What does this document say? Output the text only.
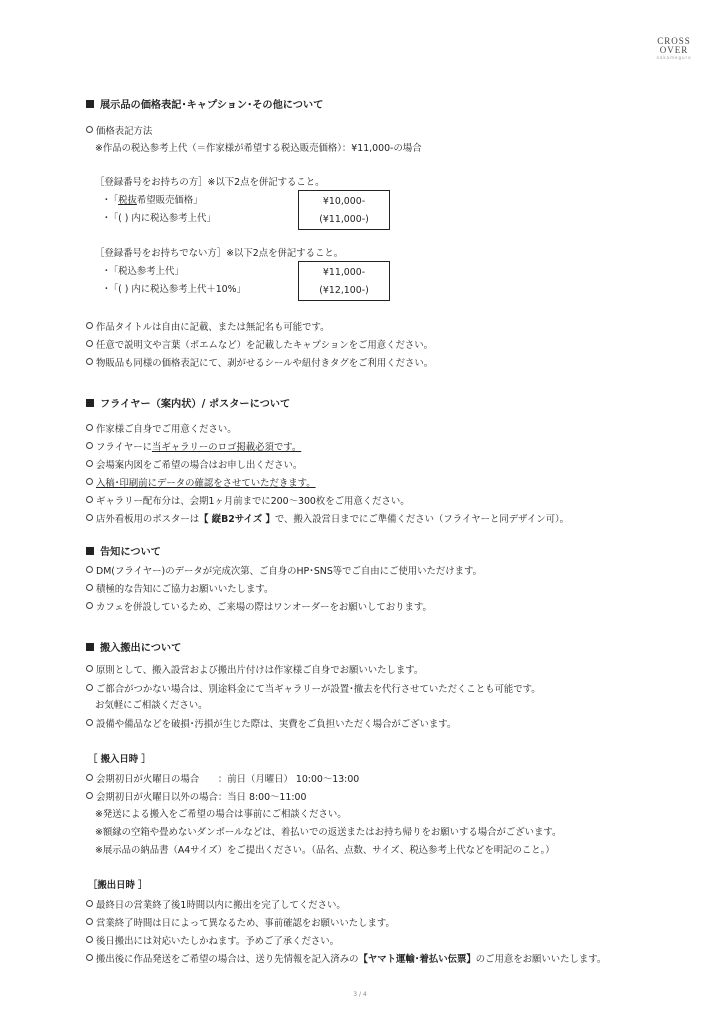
CROSS OVER
nakameguro
展示品の価格表記･キャプション･その他について
価格表記方法
※作品の税込参考上代（＝作家様が希望する税込販売価格）：¥11,000-の場合
［登録番号をお持ちの方］※以下2点を併記すること。
･「税抜希望販売価格」
･「( ) 内に税込参考上代」
¥10,000-
(¥11,000-)
［登録番号をお持ちでない方］※以下2点を併記すること。
･「税込参考上代」
･「( ) 内に税込参考上代＋10%」
¥11,000-
(¥12,100-)
作品タイトルは自由に記載、または無記名も可能です。
任意で説明文や言葉（ポエムなど）を記載したキャプションをご用意ください。
物販品も同様の価格表記にて、剥がせるシールや紐付きタグをご利用ください。
フライヤー（案内状）/ ポスターについて
作家様ご自身でご用意ください。
フライヤーに当ギャラリーのロゴ掲載必須です。
会場案内図をご希望の場合はお申し出ください。
入稿･印刷前にデータの確認をさせていただきます。
ギャラリー配布分は、会期1ヶ月前までに200～300枚をご用意ください。
店外看板用のポスターは【 縦B2サイズ 】で、搬入設営日までにご準備ください（フライヤーと同デザイン可）。
告知について
DM(フライヤー)のデータが完成次第、ご自身のHP･SNS等でご自由にご使用いただけます。
積極的な告知にご協力お願いいたします。
カフェを併設しているため、ご来場の際はワンオーダーをお願いしております。
搬入搬出について
原則として、搬入設営および搬出片付けは作家様ご自身でお願いいたします。
ご都合がつかない場合は、別途料金にて当ギャラリーが設置･撤去を代行させていただくことも可能です。
お気軽にご相談ください。
設備や備品などを破損･汚損が生じた際は、実費をご負担いただく場合がございます。
［ 搬入日時 ］
会期初日が火曜日の場合　　：前日（月曜日） 10:00～13:00
会期初日が火曜日以外の場合：当日 8:00～11:00
※発送による搬入をご希望の場合は事前にご相談ください。
※額縁の空箱や畳めないダンボールなどは、着払いでの返送またはお持ち帰りをお願いする場合がございます。
※展示品の納品書（A4サイズ）をご提出ください。（品名、点数、サイズ、税込参考上代などを明記のこと。）
［搬出日時 ］
最終日の営業終了後1時間以内に搬出を完了してください。
営業終了時間は日によって異なるため、事前確認をお願いいたします。
後日搬出には対応いたしかねます。予めご了承ください。
搬出後に作品発送をご希望の場合は、送り先情報を記入済みの【ヤマト運輸･着払い伝票】のご用意をお願いいたします。
3 / 4
